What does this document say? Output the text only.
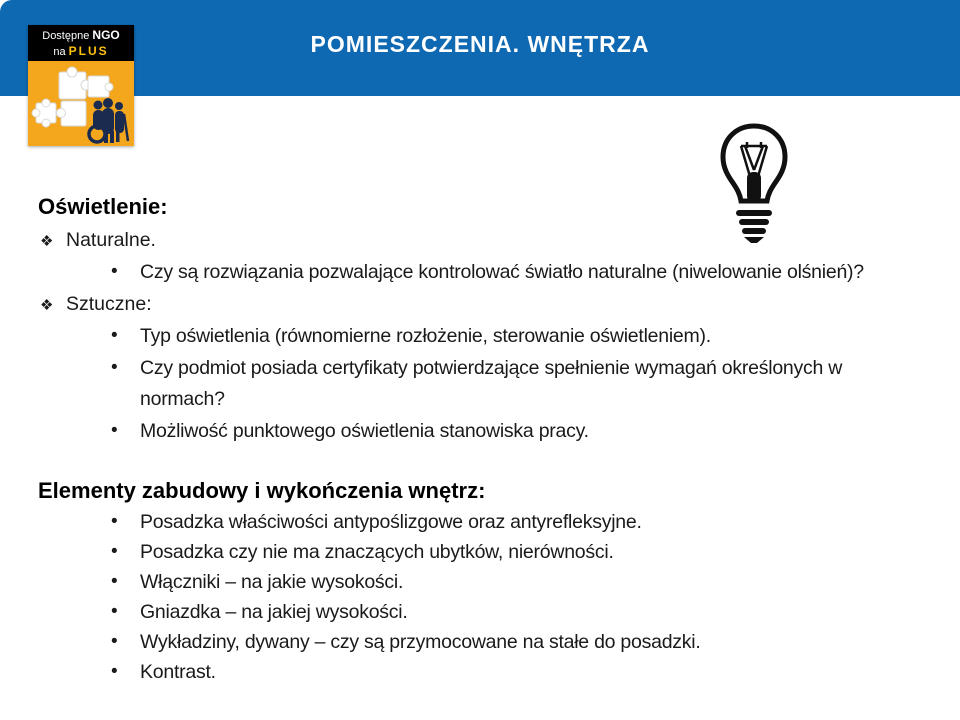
POMIESZCZENIA. WNĘTRZA
Dostępne NGO
na PLUS
Oświetlenie:
❖ Naturalne.
• Czy są rozwiązania pozwalające kontrolować światło naturalne (niwelowanie olśnień)?
❖ Sztuczne:
• Typ oświetlenia (równomierne rozłożenie, sterowanie oświetleniem).
• Czy podmiot posiada certyfikaty potwierdzające spełnienie wymagań określonych w
normach?
• Możliwość punktowego oświetlenia stanowiska pracy.
Elementy zabudowy i wykończenia wnętrz:
• Posadzka właściwości antypoślizgowe oraz antyrefleksyjne.
• Posadzka czy nie ma znaczących ubytków, nierówności.
• Włączniki – na jakie wysokości.
• Gniazdka – na jakiej wysokości.
• Wykładziny, dywany – czy są przymocowane na stałe do posadzki.
• Kontrast.
